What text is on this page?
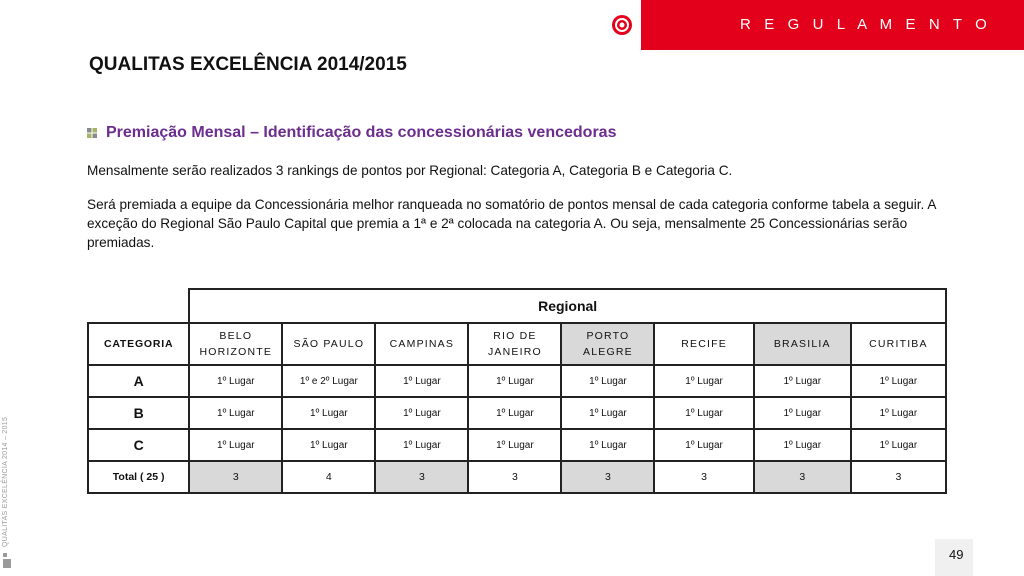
R E G U L A M E N T O
QUALITAS EXCELÊNCIA 2014/2015
Premiação Mensal – Identificação das concessionárias vencedoras
Mensalmente serão realizados 3 rankings de pontos por Regional: Categoria A, Categoria B e Categoria C.
Será premiada a equipe da Concessionária melhor ranqueada no somatório de pontos mensal de cada categoria conforme tabela a seguir. A exceção do Regional São Paulo Capital que premia a 1ª e 2ª colocada na categoria A. Ou seja, mensalmente 25 Concessionárias serão premiadas.
	Regional							
CATEGORIA	BELO HORIZONTE	SÃO PAULO	CAMPINAS	RIO DE JANEIRO	PORTO ALEGRE	RECIFE	BRASILIA	CURITIBA
A	1º Lugar	1º e 2º Lugar	1º Lugar	1º Lugar	1º Lugar	1º Lugar	1º Lugar	1º Lugar
B	1º Lugar	1º Lugar	1º Lugar	1º Lugar	1º Lugar	1º Lugar	1º Lugar	1º Lugar
C	1º Lugar	1º Lugar	1º Lugar	1º Lugar	1º Lugar	1º Lugar	1º Lugar	1º Lugar
Total ( 25 )	3	4	3	3	3	3	3	3
QUALITAS EXCELÊNCIA 2014 – 2015
49
